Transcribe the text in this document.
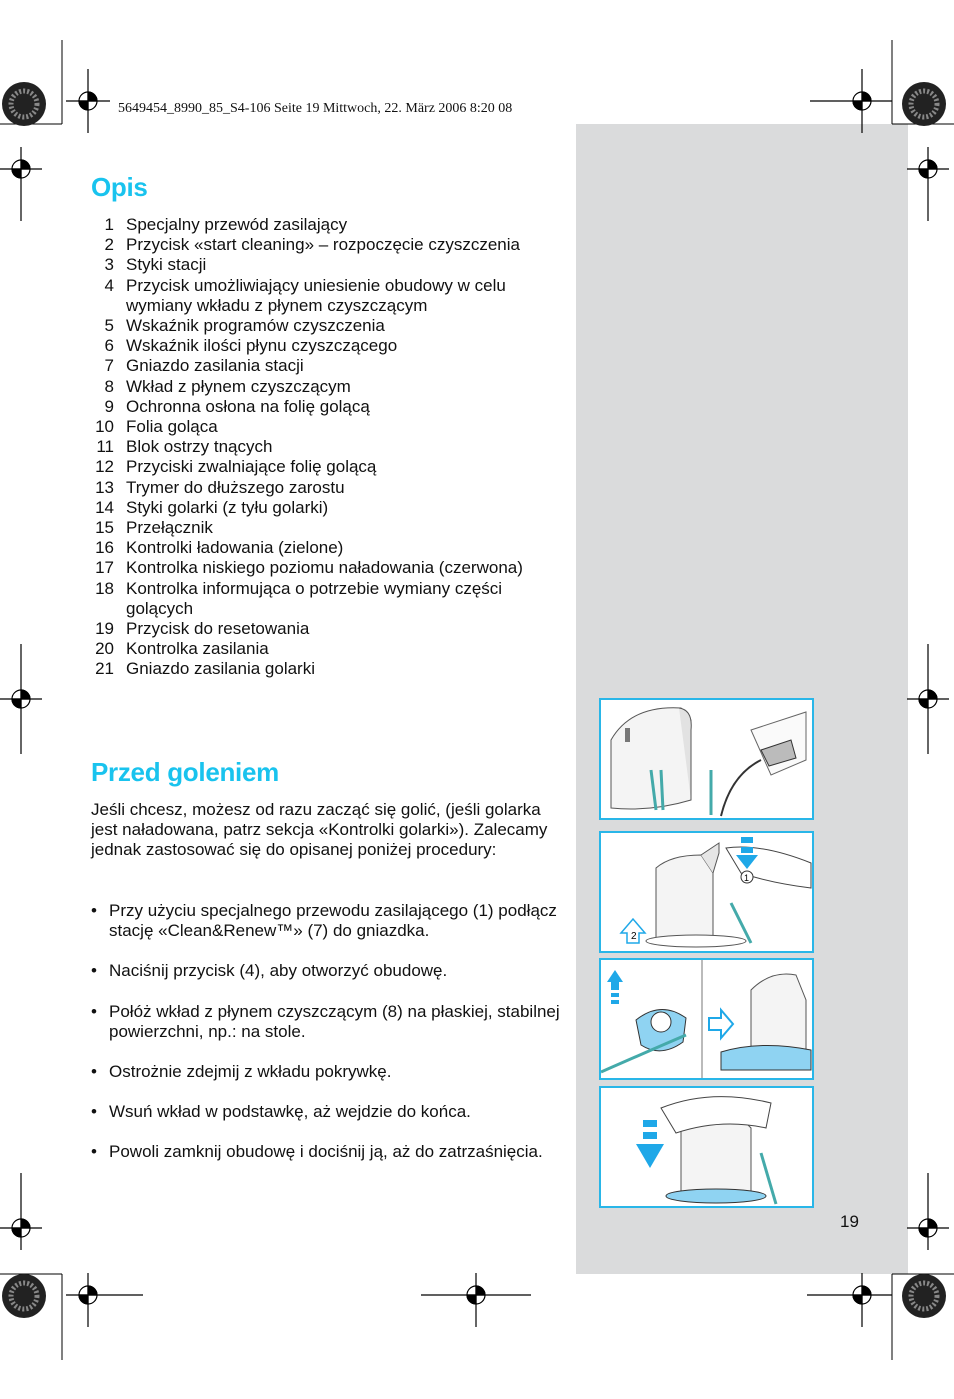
5649454_8990_85_S4-106 Seite 19 Mittwoch, 22. März 2006 8:20 08
Opis
1 Specjalny przewód zasilający
2 Przycisk «start cleaning» – rozpoczęcie czyszczenia
3 Styki stacji
4 Przycisk umożliwiający uniesienie obudowy w celu wymiany wkładu z płynem czyszczącym
5 Wskaźnik programów czyszczenia
6 Wskaźnik ilości płynu czyszczącego
7 Gniazdo zasilania stacji
8 Wkład z płynem czyszczącym
9 Ochronna osłona na folię golącą
10 Folia goląca
11 Blok ostrzy tnących
12 Przyciski zwalniające folię golącą
13 Trymer do dłuższego zarostu
14 Styki golarki (z tyłu golarki)
15 Przełącznik
16 Kontrolki ładowania (zielone)
17 Kontrolka niskiego poziomu naładowania (czerwona)
18 Kontrolka informująca o potrzebie wymiany części golących
19 Przycisk do resetowania
20 Kontrolka zasilania
21 Gniazdo zasilania golarki
Przed goleniem

Jeśli chcesz, możesz od razu zacząć się golić, (jeśli golarka jest naładowana, patrz sekcja «Kontrolki golarki»). Zalecamy jednak zastosować się do opisanej poniżej procedury:

• Przy użyciu specjalnego przewodu zasilającego (1) podłącz stację «Clean&Renew™» (7) do gniazdka.
• Naciśnij przycisk (4), aby otworzyć obudowę.
• Połóż wkład z płynem czyszczącym (8) na płaskiej, stabilnej powierzchni, np.: na stole.
• Ostrożnie zdejmij z wkładu pokrywkę.
• Wsuń wkład w podstawkę, aż wejdzie do końca.
• Powoli zamknij obudowę i dociśnij ją, aż do zatrzaśnięcia.
1
2
19
